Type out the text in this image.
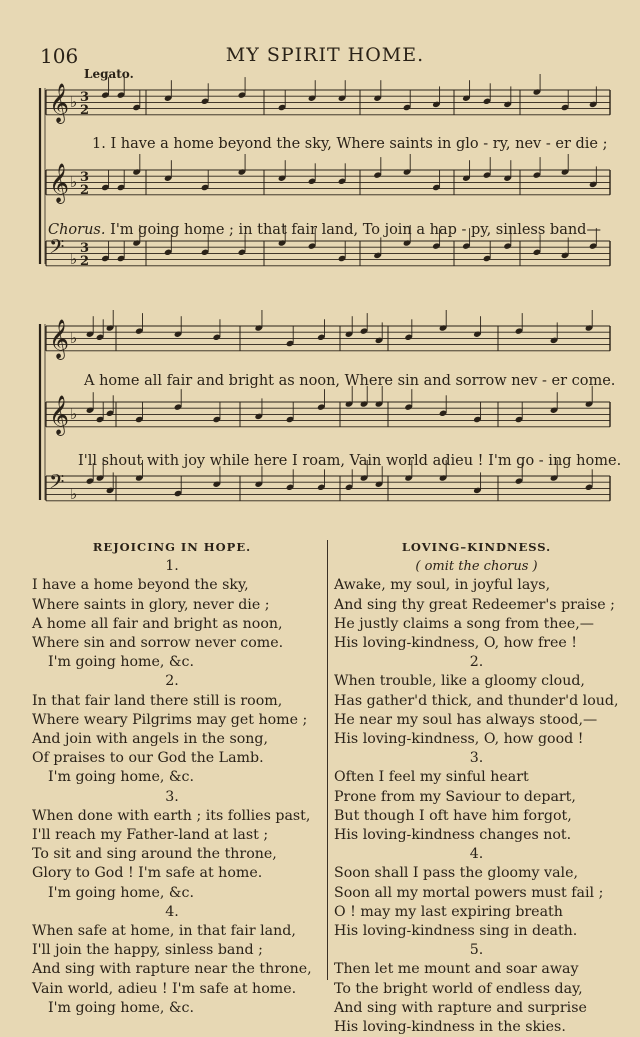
106	MY SPIRIT HOME.
Legato.
𝄞 ♭ 3
2
𝄞 ♭ 3
2
𝄢 ♭
3
2
1. I have a home beyond the sky, Where saints in glo - ry, nev - er die ;
Chorus. I'm going home ; in that fair land, To join a hap - py, sinless band—
𝄞 ♭
𝄞 ♭
𝄢 ♭
A home all fair and bright as noon, Where sin and sorrow nev - er come.
I'll shout with joy while here I roam, Vain world adieu ! I'm go - ing home.
REJOICING IN HOPE.
1.
I have a home beyond the sky,
Where saints in glory, never die ;
A home all fair and bright as noon,
Where sin and sorrow never come.
I'm going home, &c.
2.
In that fair land there still is room,
Where weary Pilgrims may get home ;
And join with angels in the song,
Of praises to our God the Lamb.
I'm going home, &c.
3.
When done with earth ; its follies past,
I'll reach my Father-land at last ;
To sit and sing around the throne,
Glory to God ! I'm safe at home.
I'm going home, &c.
4.
When safe at home, in that fair land,
I'll join the happy, sinless band ;
And sing with rapture near the throne,
Vain world, adieu ! I'm safe at home.
I'm going home, &c.
LOVING–KINDNESS.
( omit the chorus )
Awake, my soul, in joyful lays,
And sing thy great Redeemer's praise ;
He justly claims a song from thee,—
His loving-kindness, O, how free !
2.
When trouble, like a gloomy cloud,
Has gather'd thick, and thunder'd loud,
He near my soul has always stood,—
His loving-kindness, O, how good !
3.
Often I feel my sinful heart
Prone from my Saviour to depart,
But though I oft have him forgot,
His loving-kindness changes not.
4.
Soon shall I pass the gloomy vale,
Soon all my mortal powers must fail ;
O ! may my last expiring breath
His loving-kindness sing in death.
5.
Then let me mount and soar away
To the bright world of endless day,
And sing with rapture and surprise
His loving-kindness in the skies.
